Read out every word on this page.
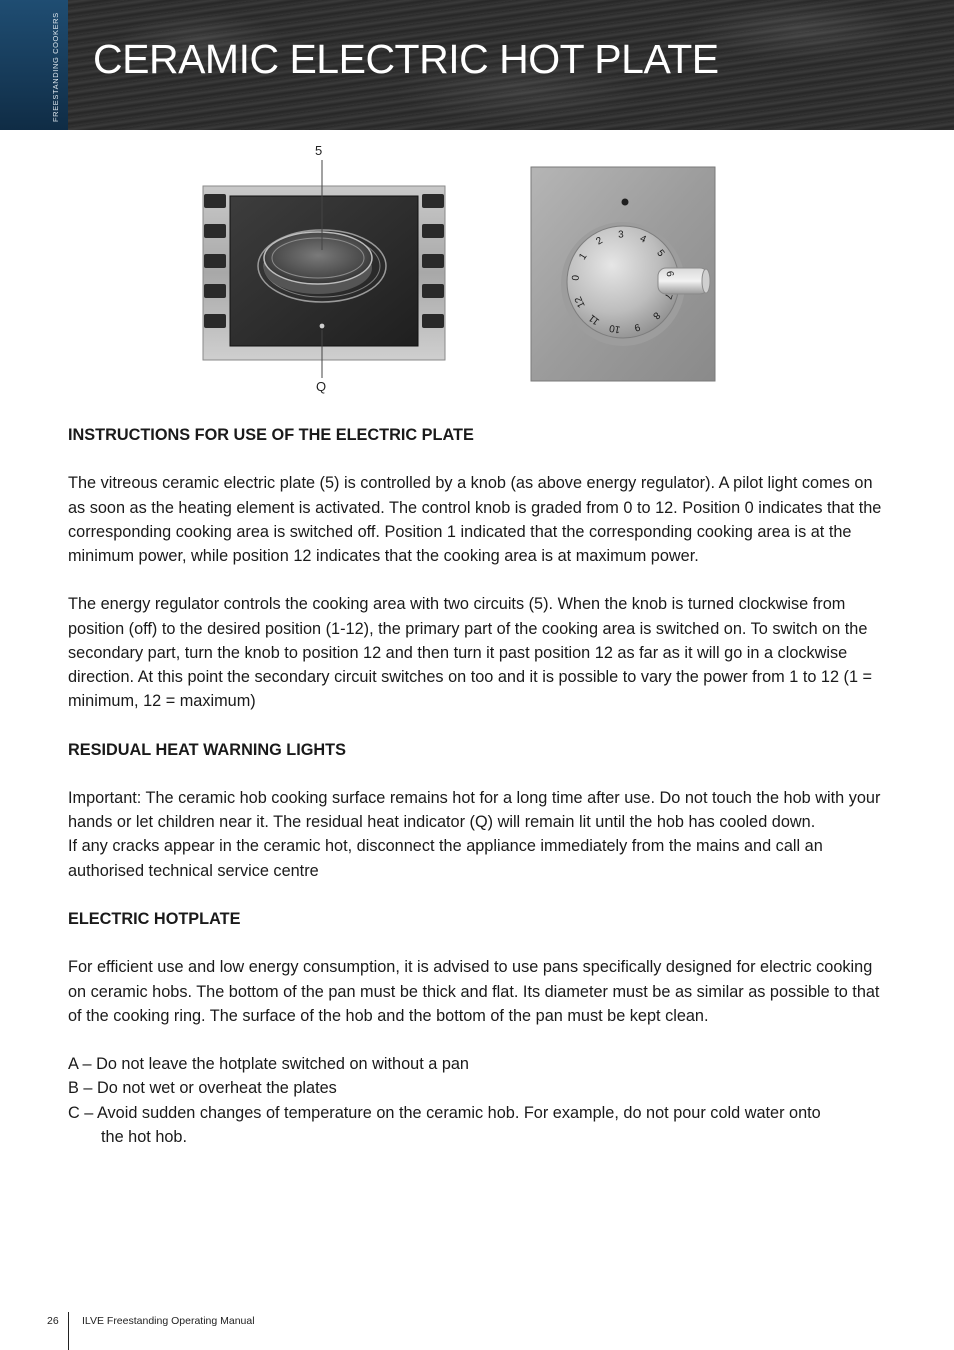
FREESTANDING COOKERS CERAMIC ELECTRIC HOT PLATE
5
Q
0
1
2
3 4
5
6
7
8
9
10
11
12
INSTRUCTIONS FOR USE OF THE ELECTRIC PLATE

The vitreous ceramic electric plate (5) is controlled by a knob (as above energy regulator). A pilot light comes on as soon as the heating element is activated. The control knob is graded from 0 to 12. Position 0 indicates that the corresponding cooking area is switched off. Position 1 indicated that the corresponding cooking area is at the minimum power, while position 12 indicates that the cooking area is at maximum power.

The energy regulator controls the cooking area with two circuits (5). When the knob is turned clockwise from position (off) to the desired position (1-12), the primary part of the cooking area is switched on. To switch on the secondary part, turn the knob to position 12 and then turn it past position 12 as far as it will go in a clockwise direction. At this point the secondary circuit switches on too and it is possible to vary the power from 1 to 12 (1 = minimum, 12 = maximum)

RESIDUAL HEAT WARNING LIGHTS

Important: The ceramic hob cooking surface remains hot for a long time after use. Do not touch the hob with your hands or let children near it. The residual heat indicator (Q) will remain lit until the hob has cooled down.

If any cracks appear in the ceramic hot, disconnect the appliance immediately from the mains and call an authorised technical service centre

ELECTRIC HOTPLATE

For efficient use and low energy consumption, it is advised to use pans specifically designed for electric cooking on ceramic hobs. The bottom of the pan must be thick and flat. Its diameter must be as similar as possible to that of the cooking ring. The surface of the hob and the bottom of the pan must be kept clean.

A – Do not leave the hotplate switched on without a pan
B – Do not wet or overheat the plates
C – Avoid sudden changes of temperature on the ceramic hob. For example, do not pour cold water onto
the hot hob.
26 ILVE Freestanding Operating Manual
